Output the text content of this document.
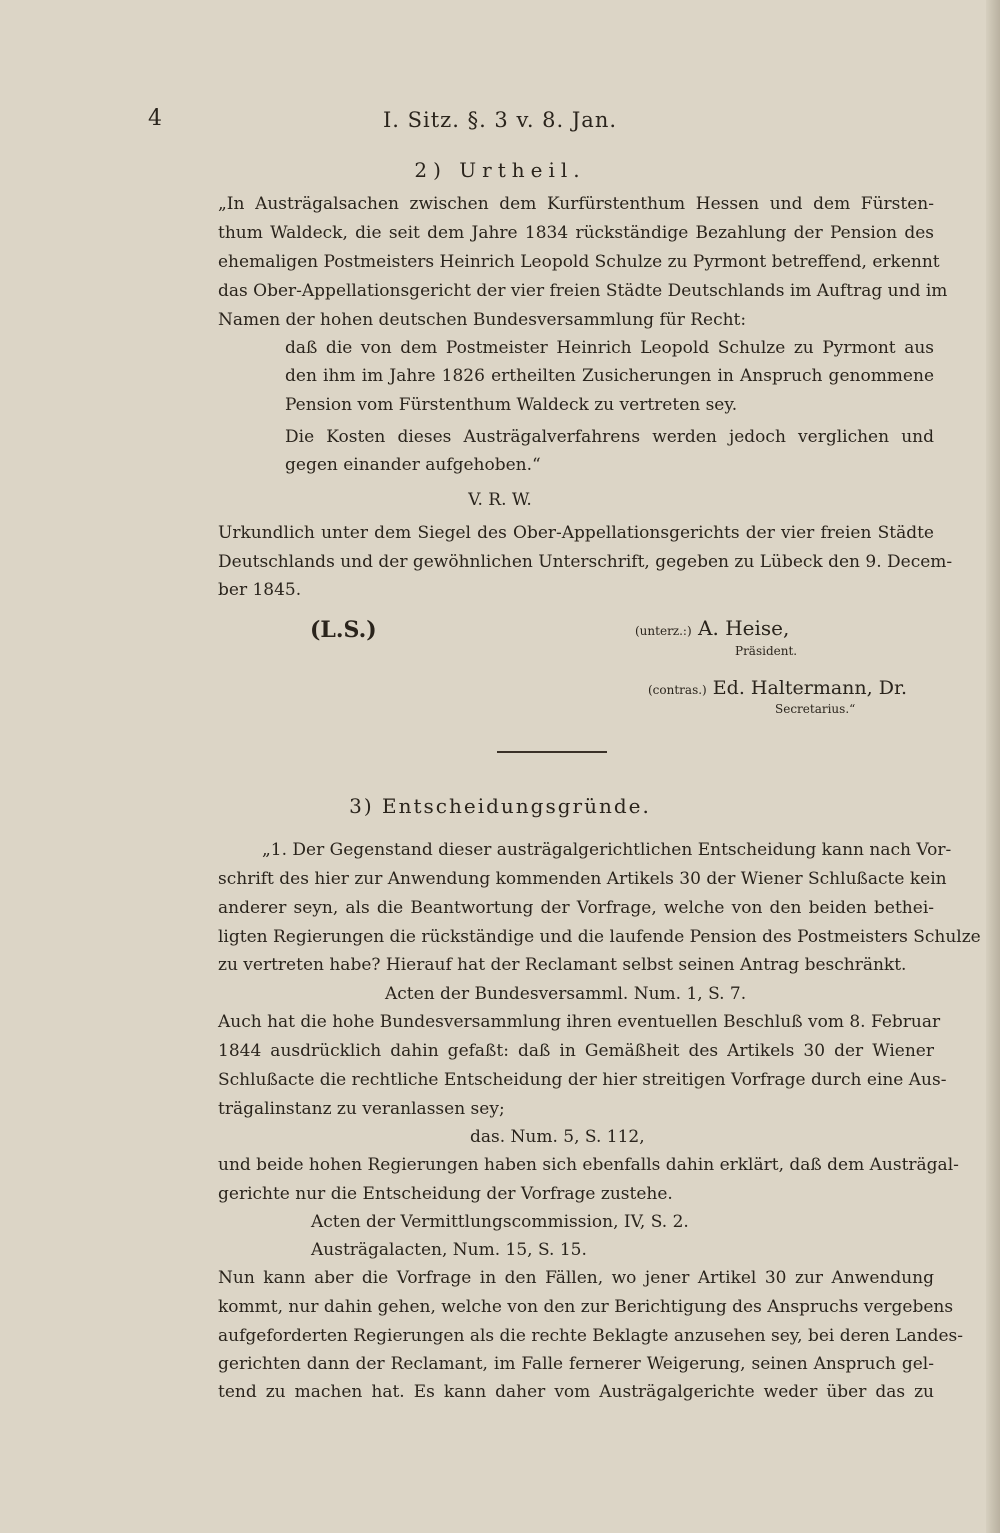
4	I. Sitz. §. 3 v. 8. Jan.
2) Urtheil.
„In Austrägalsachen zwischen dem Kurfürstenthum Hessen und dem Fürsten-
thum Waldeck, die seit dem Jahre 1834 rückständige Bezahlung der Pension des
ehemaligen Postmeisters Heinrich Leopold Schulze zu Pyrmont betreffend, erkennt
das Ober-Appellationsgericht der vier freien Städte Deutschlands im Auftrag und im
Namen der hohen deutschen Bundesversammlung für Recht:
daß die von dem Postmeister Heinrich Leopold Schulze zu Pyrmont aus
den ihm im Jahre 1826 ertheilten Zusicherungen in Anspruch genommene
Pension vom Fürstenthum Waldeck zu vertreten sey.
Die Kosten dieses Austrägalverfahrens werden jedoch verglichen und
gegen einander aufgehoben.“
V. R. W.
Urkundlich unter dem Siegel des Ober-Appellationsgerichts der vier freien Städte
Deutschlands und der gewöhnlichen Unterschrift, gegeben zu Lübeck den 9. Decem-
ber 1845.
(L.S.)	(unterz.:) A. Heise,
Präsident.
(contras.) Ed. Haltermann, Dr.
Secretarius.“
3) Entscheidungsgründe.
„1. Der Gegenstand dieser austrägalgerichtlichen Entscheidung kann nach Vor-
schrift des hier zur Anwendung kommenden Artikels 30 der Wiener Schlußacte kein
anderer seyn, als die Beantwortung der Vorfrage, welche von den beiden bethei-
ligten Regierungen die rückständige und die laufende Pension des Postmeisters Schulze
zu vertreten habe? Hierauf hat der Reclamant selbst seinen Antrag beschränkt.
Acten der Bundesversamml. Num. 1, S. 7.
Auch hat die hohe Bundesversammlung ihren eventuellen Beschluß vom 8. Februar
1844 ausdrücklich dahin gefaßt: daß in Gemäßheit des Artikels 30 der Wiener
Schlußacte die rechtliche Entscheidung der hier streitigen Vorfrage durch eine Aus-
trägalinstanz zu veranlassen sey;
das. Num. 5, S. 112,
und beide hohen Regierungen haben sich ebenfalls dahin erklärt, daß dem Austrägal-
gerichte nur die Entscheidung der Vorfrage zustehe.
Acten der Vermittlungscommission, IV, S. 2.
Austrägalacten, Num. 15, S. 15.
Nun kann aber die Vorfrage in den Fällen, wo jener Artikel 30 zur Anwendung
kommt, nur dahin gehen, welche von den zur Berichtigung des Anspruchs vergebens
aufgeforderten Regierungen als die rechte Beklagte anzusehen sey, bei deren Landes-
gerichten dann der Reclamant, im Falle fernerer Weigerung, seinen Anspruch gel-
tend zu machen hat. Es kann daher vom Austrägalgerichte weder über das zu
